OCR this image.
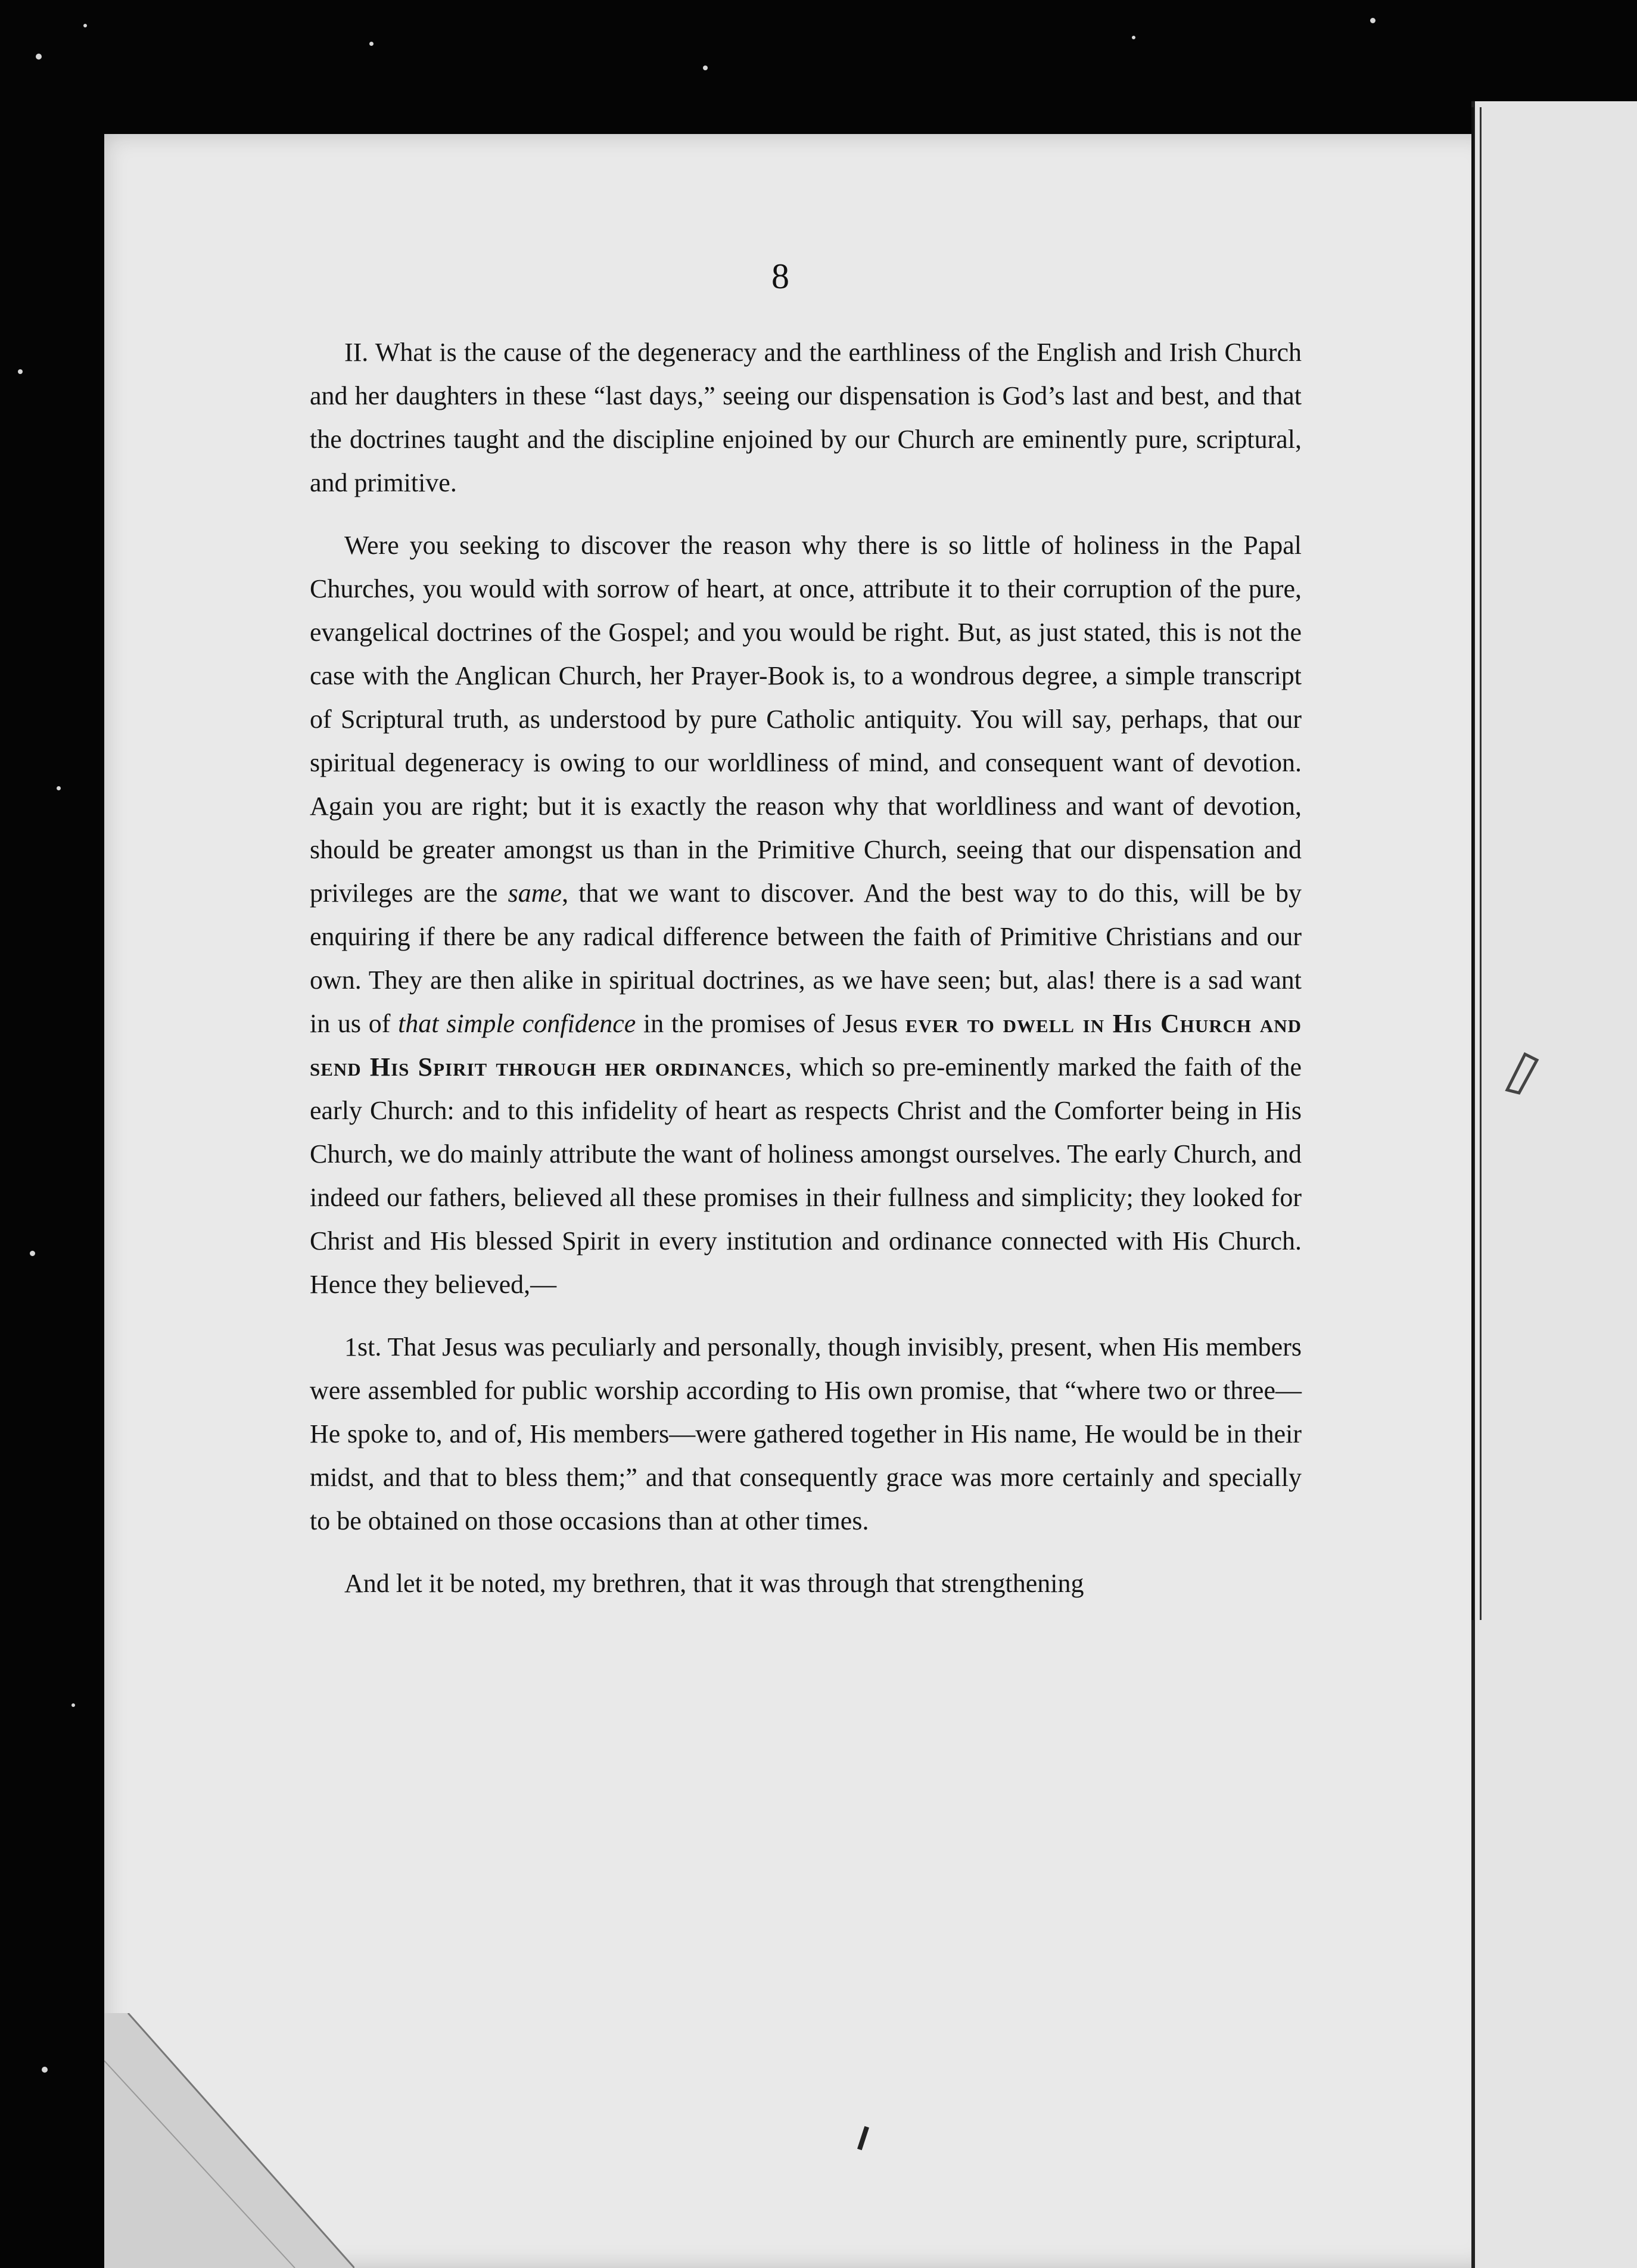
8

II. What is the cause of the degeneracy and the earthliness of the English and Irish Church and her daughters in these “last days,” seeing our dispensation is God’s last and best, and that the doctrines taught and the discipline enjoined by our Church are eminently pure, scriptural, and primitive.

Were you seeking to discover the reason why there is so little of holiness in the Papal Churches, you would with sorrow of heart, at once, attribute it to their corruption of the pure, evangelical doctrines of the Gospel; and you would be right. But, as just stated, this is not the case with the Anglican Church, her Prayer-Book is, to a wondrous degree, a simple transcript of Scriptural truth, as understood by pure Catholic antiquity. You will say, perhaps, that our spiritual degeneracy is owing to our worldliness of mind, and consequent want of devotion. Again you are right; but it is exactly the reason why that worldliness and want of devotion, should be greater amongst us than in the Primitive Church, seeing that our dispensation and privileges are the same, that we want to discover. And the best way to do this, will be by enquiring if there be any radical difference between the faith of Primitive Christians and our own. They are then alike in spiritual doctrines, as we have seen; but, alas! there is a sad want in us of that simple confidence in the promises of Jesus ever to dwell in His Church and send His Spirit through her ordinances, which so pre-eminently marked the faith of the early Church: and to this infidelity of heart as respects Christ and the Comforter being in His Church, we do mainly attribute the want of holiness amongst ourselves. The early Church, and indeed our fathers, believed all these promises in their fullness and simplicity; they looked for Christ and His blessed Spirit in every institution and ordinance connected with His Church. Hence they believed,—

1st. That Jesus was peculiarly and personally, though invisibly, present, when His members were assembled for public worship according to His own promise, that “where two or three—He spoke to, and of, His members—were gathered together in His name, He would be in their midst, and that to bless them;” and that consequently grace was more certainly and specially to be obtained on those occasions than at other times.

And let it be noted, my brethren, that it was through that strengthening
